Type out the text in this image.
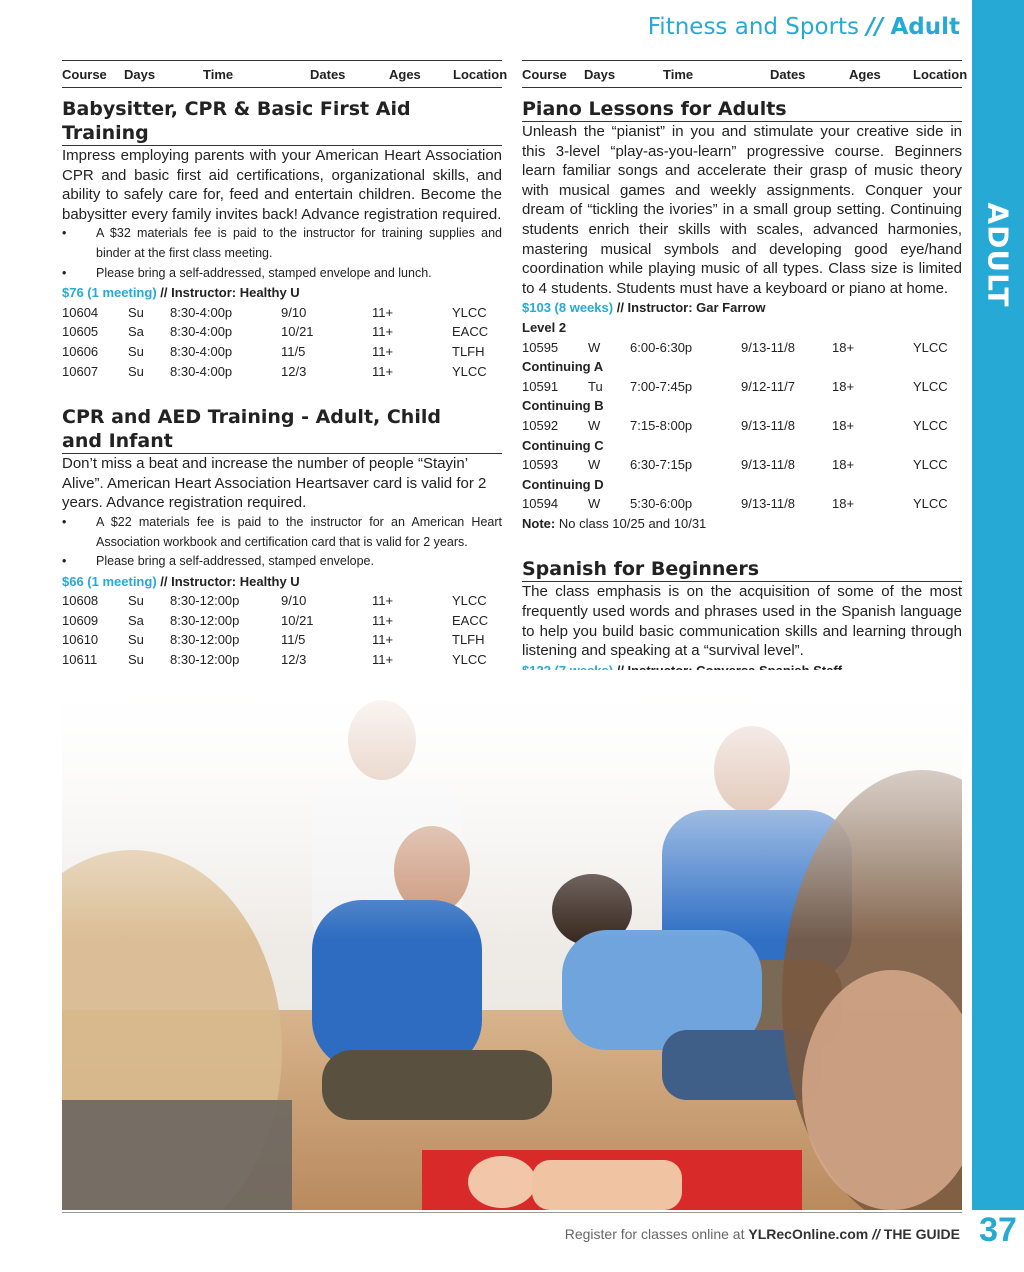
Fitness and Sports // Adult
ADULT
Course Days	Time	Dates	Ages Location
Babysitter, CPR & Basic First Aid Training

Impress employing parents with your American Heart Association CPR and basic first aid certifications, organizational skills, and ability to safely care for, feed and entertain children. Become the babysitter every family invites back! Advance registration required.

• A $32 materials fee is paid to the instructor for training supplies and binder at the first class meeting.

• Please bring a self-addressed, stamped envelope and lunch.

$76 (1 meeting) // Instructor: Healthy U

10604 Su 8:30-4:00p	9/10	11+	YLCC
10605 Sa 8:30-4:00p	10/21	11+	EACC
10606 Su 8:30-4:00p	11/5	11+	TLFH
10607 Su 8:30-4:00p	12/3	11+	YLCC
CPR and AED Training - Adult, Child
and Infant

Don’t miss a beat and increase the number of people “Stayin’ Alive”. American Heart Association Heartsaver card is valid for 2 years. Advance registration required.

• A $22 materials fee is paid to the instructor for an American Heart Association workbook and certification card that is valid for 2 years.

• Please bring a self-addressed, stamped envelope.

$66 (1 meeting) // Instructor: Healthy U

10608 Su 8:30-12:00p	9/10	11+	YLCC
10609 Sa 8:30-12:00p	10/21	11+	EACC
10610 Su 8:30-12:00p	11/5	11+	TLFH
10611 Su 8:30-12:00p	12/3	11+	YLCC
Course Days	Time	Dates	Ages Location
Piano Lessons for Adults

Unleash the “pianist” in you and stimulate your creative side in this 3-level “play-as-you-learn” progressive course. Beginners learn familiar songs and accelerate their grasp of music theory with musical games and weekly assignments. Conquer your dream of “tickling the ivories” in a small group setting. Continuing students enrich their skills with scales, advanced harmonies, mastering musical symbols and developing good eye/hand coordination while playing music of all types. Class size is limited to 4 students. Students must have a keyboard or piano at home.

$103 (8 weeks) // Instructor: Gar Farrow

Level 2

10595 W 6:00-6:30p	9/13-11/8	18+	YLCC

Continuing A

10591 Tu 7:00-7:45p	9/12-11/7	18+	YLCC

Continuing B

10592 W 7:15-8:00p	9/13-11/8	18+	YLCC

Continuing C

10593 W 6:30-7:15p	9/13-11/8	18+	YLCC

Continuing D

10594 W 5:30-6:00p	9/13-11/8	18+	YLCC

Note: No class 10/25 and 10/31

Spanish for Beginners

The class emphasis is on the acquisition of some of the most frequently used words and phrases used in the Spanish language to help you build basic communication skills and learning through listening and speaking at a “survival level”.

Register for classes online at YLRecOnline.com // THE GUIDE 37
